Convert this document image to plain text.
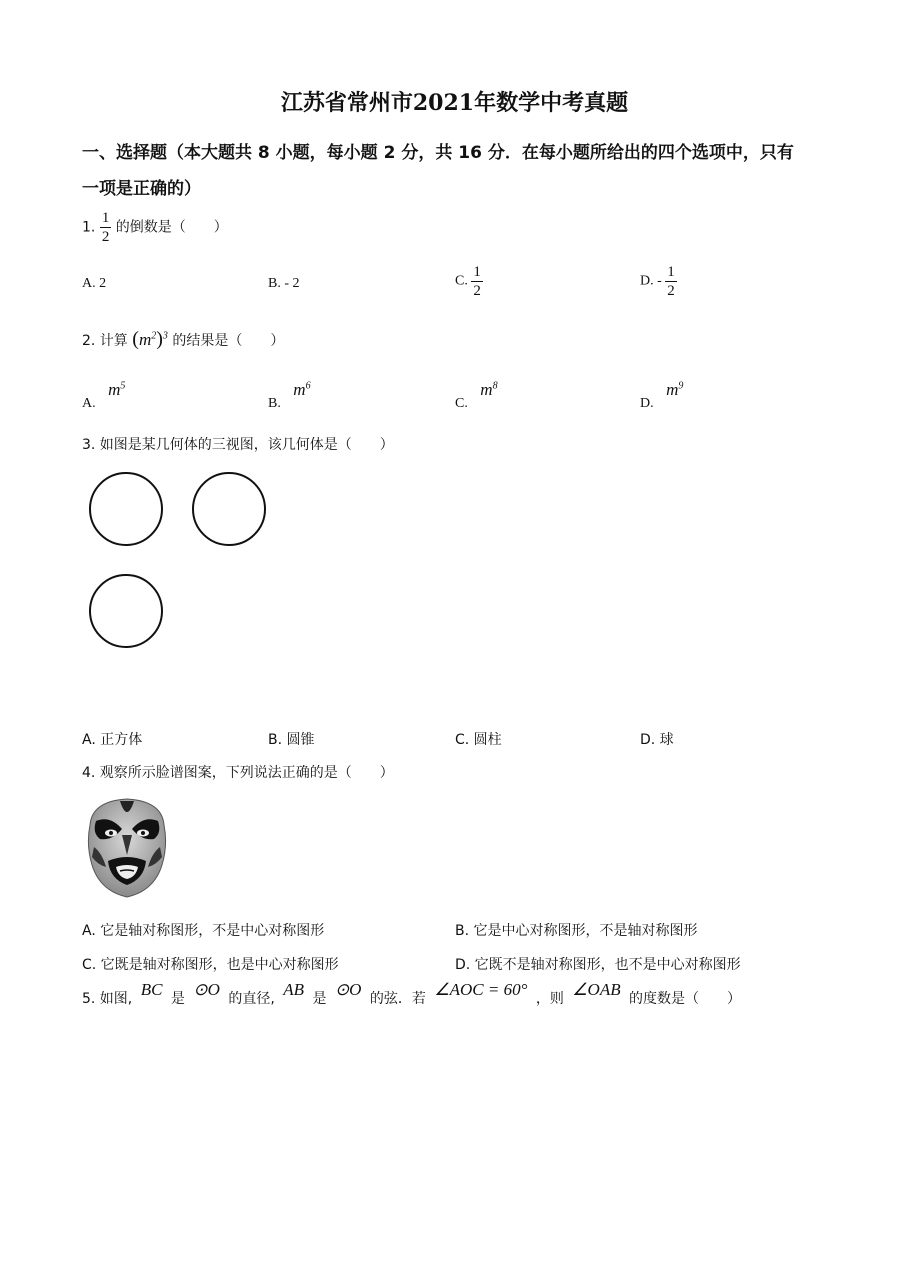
江苏省常州市2021年数学中考真题
一、选择题（本大题共 8 小题，每小题 2 分，共 16 分．在每小题所给出的四个选项中，只有
一项是正确的）
1. $\frac{1}{2}$ 的倒数是（　　）
A. 2	B. - 2	C. $\frac{1}{2}$	D. - $\frac{1}{2}$
2. 计算 $(m^2)^3$ 的结果是（　　）
A. $m^5$
B. $m^6$
C. $m^8$
D. $m^9$
3. 如图是某几何体的三视图，该几何体是（　　）
A. 正方体	B. 圆锥	C. 圆柱	D. 球
4. 观察所示脸谱图案，下列说法正确的是（　　）
A. 它是轴对称图形，不是中心对称图形	B. 它是中心对称图形，不是轴对称图形
C. 它既是轴对称图形，也是中心对称图形	D. 它既不是轴对称图形，也不是中心对称图形
5. 如图, BC 是 ⊙O 的直径, AB 是 ⊙O 的弦．若 ∠AOC = 60° ，则 ∠OAB 的度数是（　　）
